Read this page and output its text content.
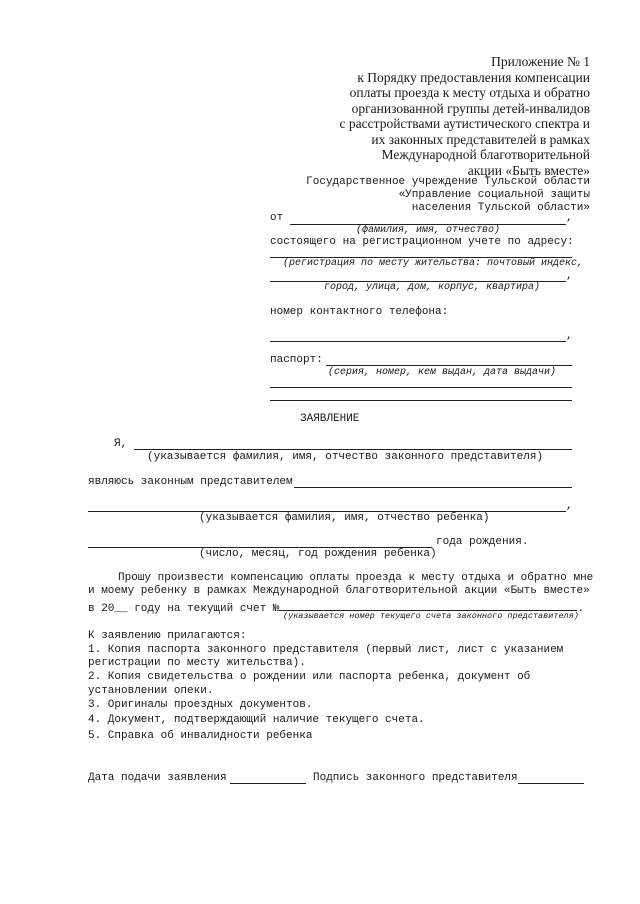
Приложение № 1
к Порядку предоставления компенсации
оплаты проезда к месту отдыха и обратно
организованной группы детей-инвалидов
с расстройствами аутистического спектра и
их законных представителей в рамках
Международной благотворительной
акции «Быть вместе»
Государственное учреждение Тульской области
«Управление социальной защиты
населения Тульской области»
от	,
(фамилия, имя, отчество)
состоящего на регистрационном учете по адресу:
(регистрация по месту жительства: почтовый индекс,
,
город, улица, дом, корпус, квартира)
номер контактного телефона:
,
паспорт:
(серия, номер, кем выдан, дата выдачи)
ЗАЯВЛЕНИЕ
Я,
(указывается фамилия, имя, отчество законного представителя)
являюсь законным представителем
,
(указывается фамилия, имя, отчество ребенка)
года рождения.
(число, месяц, год рождения ребенка)
Прошу произвести компенсацию оплаты проезда к месту отдыха и обратно мне
и моему ребенку в рамках Международной благотворительной акции «Быть вместе»
в 20__ году на текущий счет №	.
(указывается номер текущего счета законного представителя)
К заявлению прилагаются:
1. Копия паспорта законного представителя (первый лист, лист с указанием
регистрации по месту жительства).
2. Копия свидетельства о рождении или паспорта ребенка, документ об
установлении опеки.
3. Оригиналы проездных документов.
4. Документ, подтверждающий наличие текущего счета.
5. Справка об инвалидности ребенка
Дата подачи заявления	Подпись законного представителя
